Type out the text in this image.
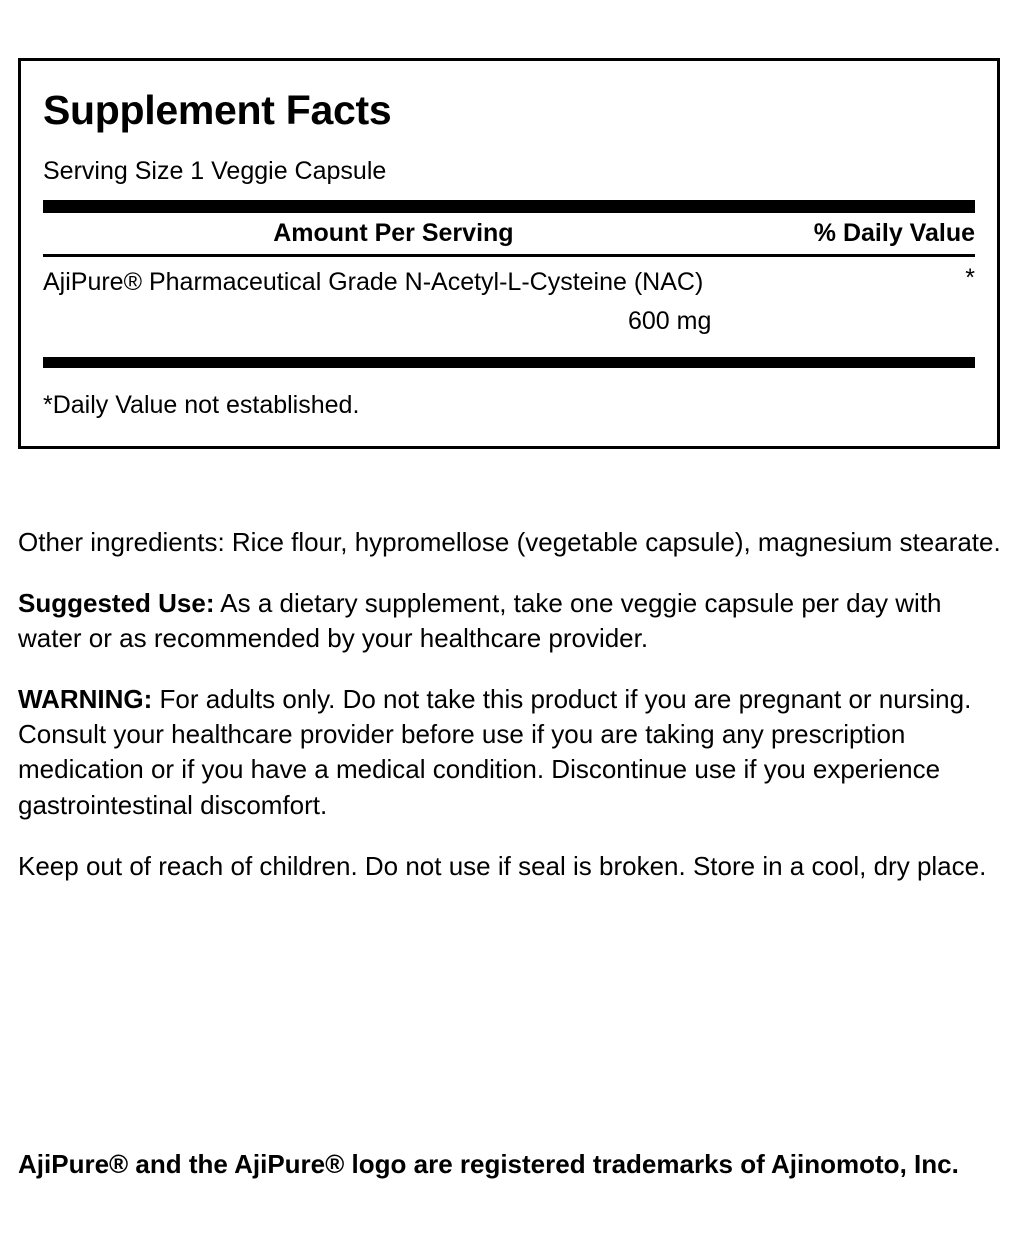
Supplement Facts
Serving Size 1 Veggie Capsule
Amount Per Serving	% Daily Value
AjiPure® Pharmaceutical Grade N-Acetyl-L-Cysteine (NAC)
600 mg
*
*Daily Value not established.

Other ingredients: Rice flour, hypromellose (vegetable capsule), magnesium stearate.

Suggested Use: As a dietary supplement, take one veggie capsule per day with water or as recommended by your healthcare provider.

WARNING: For adults only. Do not take this product if you are pregnant or nursing. Consult your healthcare provider before use if you are taking any prescription medication or if you have a medical condition. Discontinue use if you experience gastrointestinal discomfort.

Keep out of reach of children. Do not use if seal is broken. Store in a cool, dry place.

AjiPure® and the AjiPure® logo are registered trademarks of Ajinomoto, Inc.
